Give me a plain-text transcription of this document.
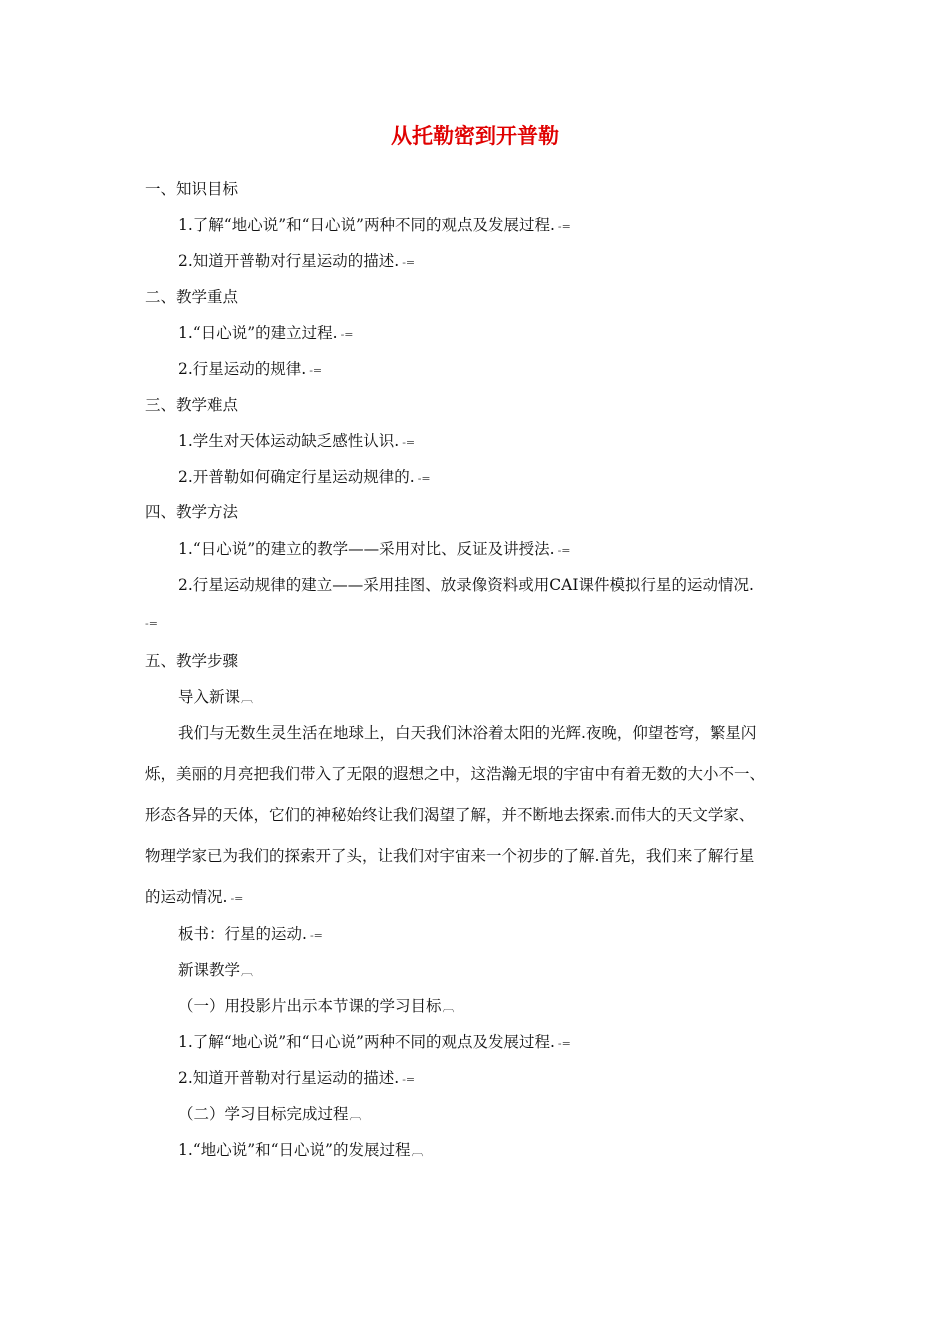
从托勒密到开普勒
一、知识目标
1.了解“地心说”和“日心说”两种不同的观点及发展过程. -=
2.知道开普勒对行星运动的描述. -=
二、教学重点
1.“日心说”的建立过程. -=
2.行星运动的规律. -=
三、教学难点
1.学生对天体运动缺乏感性认识. -=
2.开普勒如何确定行星运动规律的. -=
四、教学方法
1.“日心说”的建立的教学——采用对比、反证及讲授法. -=
2.行星运动规律的建立——采用挂图、放录像资料或用CAI课件模拟行星的运动情况.
-=
五、教学步骤
导入新课︹
我们与无数生灵生活在地球上，白天我们沐浴着太阳的光辉.夜晚，仰望苍穹，繁星闪
烁，美丽的月亮把我们带入了无限的遐想之中，这浩瀚无垠的宇宙中有着无数的大小不一、
形态各异的天体，它们的神秘始终让我们渴望了解，并不断地去探索.而伟大的天文学家、
物理学家已为我们的探索开了头，让我们对宇宙来一个初步的了解.首先，我们来了解行星
的运动情况. -=
板书：行星的运动. -=
新课教学︹
（一）用投影片出示本节课的学习目标︹
1.了解“地心说”和“日心说”两种不同的观点及发展过程. -=
2.知道开普勒对行星运动的描述. -=
（二）学习目标完成过程︹
1.“地心说”和“日心说”的发展过程︹
